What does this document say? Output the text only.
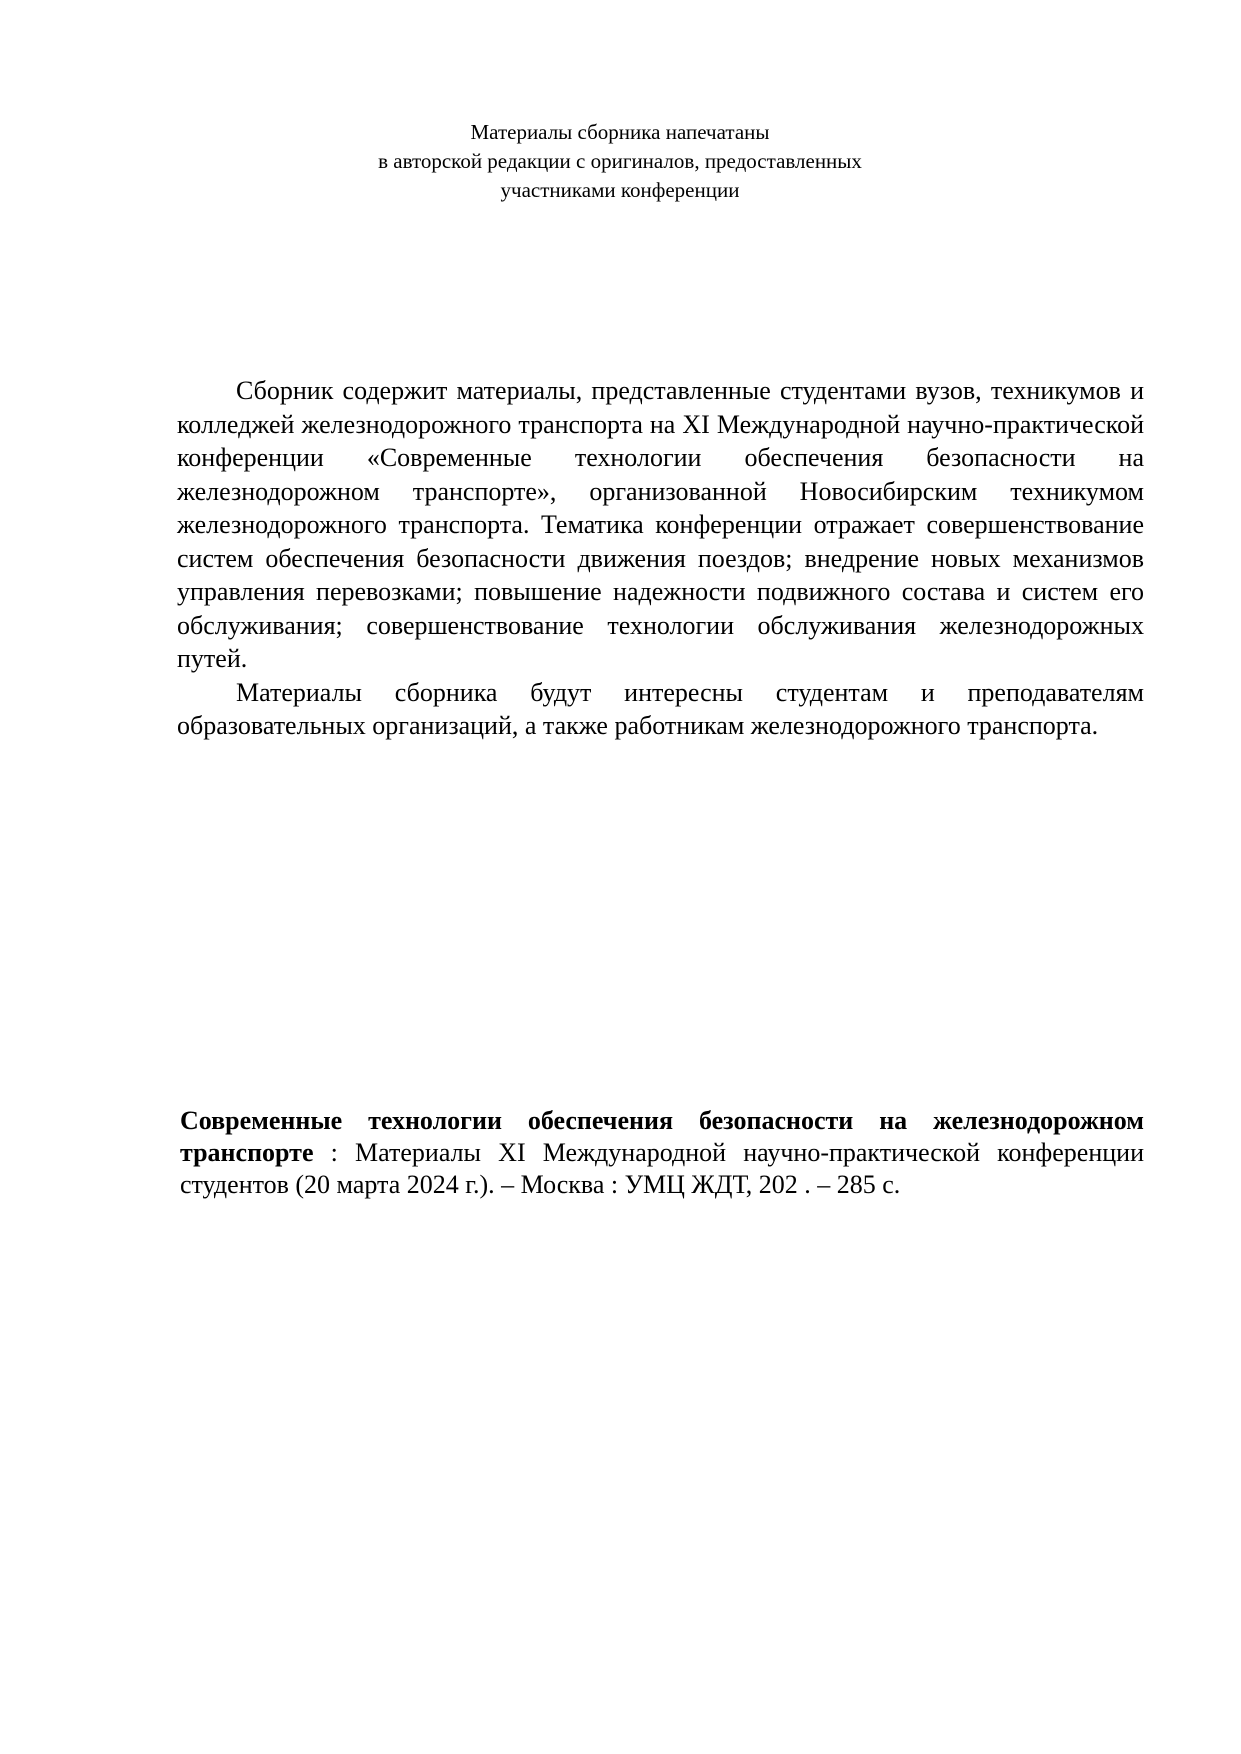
Материалы сборника напечатаны
в авторской редакции с оригиналов, предоставленных
участниками конференции

Сборник содержит материалы, представленные студентами вузов, техникумов и колледжей железнодорожного транспорта на XI Международной научно-практической конференции «Современные технологии обеспечения безопасности на железнодорожном транспорте», организованной Новосибирским техникумом железнодорожного транспорта. Тематика конференции отражает совершенствование систем обеспечения безопасности движения поездов; внедрение новых механизмов управления перевозками; повышение надежности подвижного состава и систем его обслуживания; совершенствование технологии обслуживания железнодорожных путей.

Материалы сборника будут интересны студентам и преподавателям образовательных организаций, а также работникам железнодорожного транспорта.

Современные технологии обеспечения безопасности на железнодорожном транспорте : Материалы XI Международной научно-практической конференции студентов (20 марта 2024 г.). – Москва : УМЦ ЖДТ, 202 . – 285 с.
